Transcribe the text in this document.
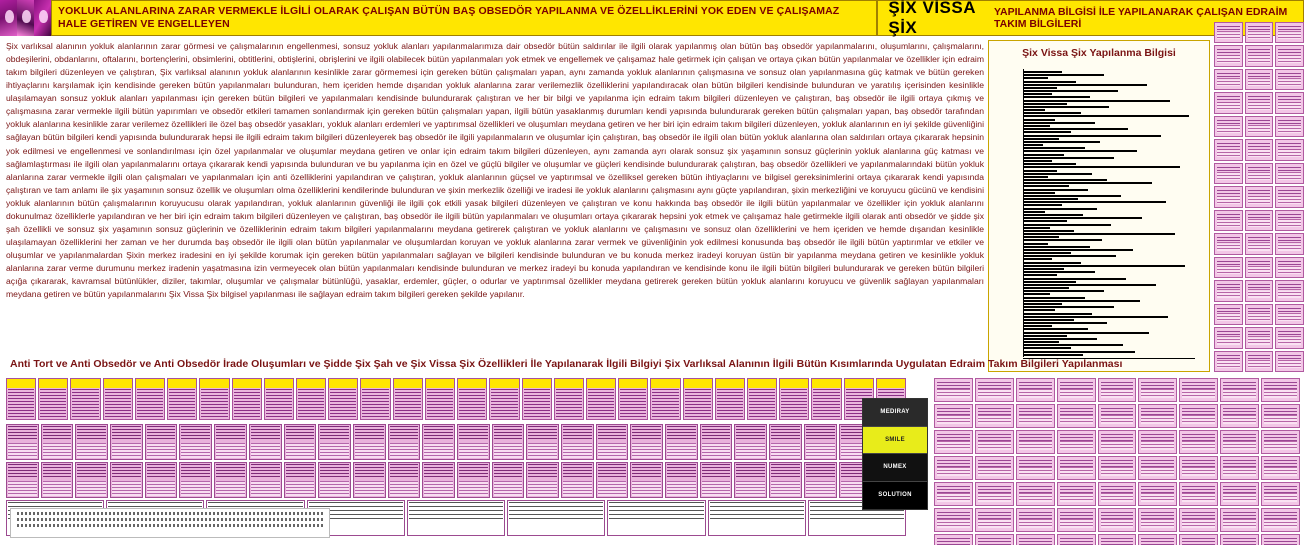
YOKLUK ALANLARINA ZARAR VERMEKLE İLGİLİ OLARAK ÇALIŞAN BÜTÜN BAŞ OBSEDÖR YAPILANMA VE ÖZELLİKLERİNİ YOK EDEN VE ÇALIŞAMAZ HALE GETİREN VE ENGELLEYEN
ŞİX VİSSA ŞİX
YAPILANMA BİLGİSİ İLE YAPILANARAK ÇALIŞAN EDRAİM TAKIM BİLGİLERİ
Şix varlıksal alanının yokluk alanlarının zarar görmesi ve çalışmalarının engellenmesi, sonsuz yokluk alanları yapılanmalarımıza dair obsedör bütün saldırılar ile ilgili olarak yapılanmış olan bütün baş obsedör yapılanmalarını, oluşumlarını, çalışmalarını, obdeşilerini, obdanlarını, oftalarını, bortençlerini, obsimlerini, obtitlerini, obtişlerini, obrişlerini ve ilgili olabilecek bütün yapılanmaları yok etmek ve engellemek ve çalışamaz hale getirmek için çalışan ve ortaya çıkan bütün yapılanmalar ve özellikler için edraim takım bilgileri düzenleyen ve çalıştıran, Şix varlıksal alanının yokluk alanlarının kesinlikle zarar görmemesi için gereken bütün çalışmaları yapan, aynı zamanda yokluk alanlarının çalışmasına ve sonsuz olan yapılanmasına güç katmak ve bütün gereken ihtiyaçlarını karşılamak için kendisinde gereken bütün yapılanmaları bulunduran, hem içeriden hemde dışarıdan yokluk alanlarına zarar verilemezlik özelliklerini yapılandıracak olan bütün bilgileri kendisinde bulunduran ve yaratılış içerisinden kesinlikle ulaşılamayan sonsuz yokluk alanları yapılanması için gereken bütün bilgileri ve yapılanmaları kendisinde bulundurarak çalıştıran ve her bir bilgi ve yapılanma için edraim takım bilgileri düzenleyen ve çalıştıran, baş obsedör ile ilgili ortaya çıkmış ve çalışmasına zarar vermekle ilgili bütün yapırımları ve obsedör etkileri tamamen sonlandırmak için gereken bütün çalışmaları yapan, ilgili bütün yasaklanmış durumları kendi yapısında bulundurarak gereken bütün çalışmaları yapan, baş obsedör tarafından yokluk alanlarına kesinlikle zarar verilemez özellikleri ile özel baş obsedör yasakları, yokluk alanları erdemleri ve yaptırımsal özellikleri ve oluşumları meydana getiren ve her biri için edraim takım bilgileri düzenleyen, yokluk alanlarının en iyi şekilde güvenliğini sağlayan bütün bilgileri kendi yapısında bulundurarak hepsi ile ilgili edraim takım bilgileri düzenleyerek baş obsedör ile ilgili yapılanmaların ve oluşumlar için çalıştıran, baş obsedör ile ilgili olan bütün yokluk alanlarına olan saldırıları ortaya çıkararak hepsinin yok edilmesi ve engellenmesi ve sonlandırılması için özel yapılanmalar ve oluşumlar meydana getiren ve onlar için edraim takım bilgileri düzenleyen, aynı zamanda ayrı olarak sonsuz şix yaşamının sonsuz güçlerinin yokluk alanlarına güç katması ve sağlamlaştırması ile ilgili olan yapılanmalarını ortaya çıkararak kendi yapısında bulunduran ve bu yapılanma için en özel ve güçlü bilgiler ve oluşumlar ve güçleri kendisinde bulundurarak çalıştıran, baş obsedör özellikleri ve yapılanmalarındaki bütün yokluk alanlarına zarar vermekle ilgili olan çalışmaları ve yapılanmaları için anti özelliklerini yapılandıran ve çalıştıran, yokluk alanlarının güçsel ve yaptırımsal ve özelliksel gereken bütün ihtiyaçlarını ve bilgisel gereksinimlerini ortaya çıkararak kendi yapısında çalıştıran ve tam anlamı ile şix yaşamının sonsuz özellik ve oluşumları olma özelliklerini kendilerinde bulunduran ve şixin merkezlik özelliği ve iradesi ile yokluk alanlarını çalışmasını aynı güçte yapılandıran, şixin merkezliğini ve koruyucu gücünü ve kendisini yokluk alanlarının bütün çalışmalarının koruyucusu olarak yapılandıran, yokluk alanlarının güvenliği ile ilgili çok etkili yasak bilgileri düzenleyen ve çalıştıran ve konu hakkında baş obsedör ile ilgili bütün yapılanmalar ve özellikler için yokluk alanlarını dokunulmaz özelliklerle yapılandıran ve her biri için edraim takım bilgileri düzenleyen ve çalıştıran, baş obsedör ile ilgili bütün yapılanmaları ve oluşumları ortaya çıkararak hepsini yok etmek ve çalışamaz hale getirmekle ilgili olarak anti obsedör ve şidde şix şah özellikli ve sonsuz şix yaşamının sonsuz güçlerinin ve özelliklerinin edraim takım bilgileri yapılanmalarını meydana getirerek çalıştıran ve yokluk alanlarını ve çalışmasını ve sonsuz olan özelliklerini ve hem içeriden ve hemde dışarıdan kesinlikle ulaşılamayan özelliklerini her zaman ve her durumda baş obsedör ile ilgili olan bütün yapılanmalar ve oluşumlardan koruyan ve yokluk alanlarına zarar vermek ve güvenliğinin yok edilmesi konusunda baş obsedör ile ilgili bütün yaptırımlar ve etkiler ve oluşumlar ve yapılanmalardan Şixin merkez iradesini en iyi şekilde korumak için gereken bütün yapılanmaları sağlayan ve bilgileri kendisinde bulunduran ve bu konuda merkez iradeyi koruyan üstün bir yapılanma meydana getiren ve kesinlikle yokluk alanlarına zarar verme durumunu merkez iradenin yaşatmasına izin vermeyecek olan bütün yapılanmaları kendisinde bulunduran ve merkez iradeyi bu konuda yapılandıran ve kendisinde konu ile ilgili bütün bilgileri bulundurarak ve gereken bütün bilgileri açığa çıkararak, kavramsal bütünlükler, diziler, takımlar, oluşumlar ve çalışmalar bütünlüğü, yasaklar, erdemler, güçler, o odurlar ve yaptırımsal özellikler meydana getirerek gereken bütün yokluk alanlarını koruyucu ve güvenlik sağlayan yapılanmaları meydana getiren ve bütün yapılanmalarını Şix Vissa Şix bilgisel yapılanması ile sağlayan edraim takım bilgileri gereken şekilde yapılanır.
Şix Vissa Şix Yapılanma Bilgisi
Anti Tort ve Anti Obsedör ve Anti Obsedör İrade Oluşumları ve Şidde Şix Şah ve Şix Vissa Şix Özellikleri İle Yapılanarak İlgili Bilgiyi Şix Varlıksal Alanının İlgili Bütün Kısımlarında Uygulatan Edraim Takım Bilgileri Yapılanması
MEDIRAY
SMILE
NUMEX
SOLUTION
